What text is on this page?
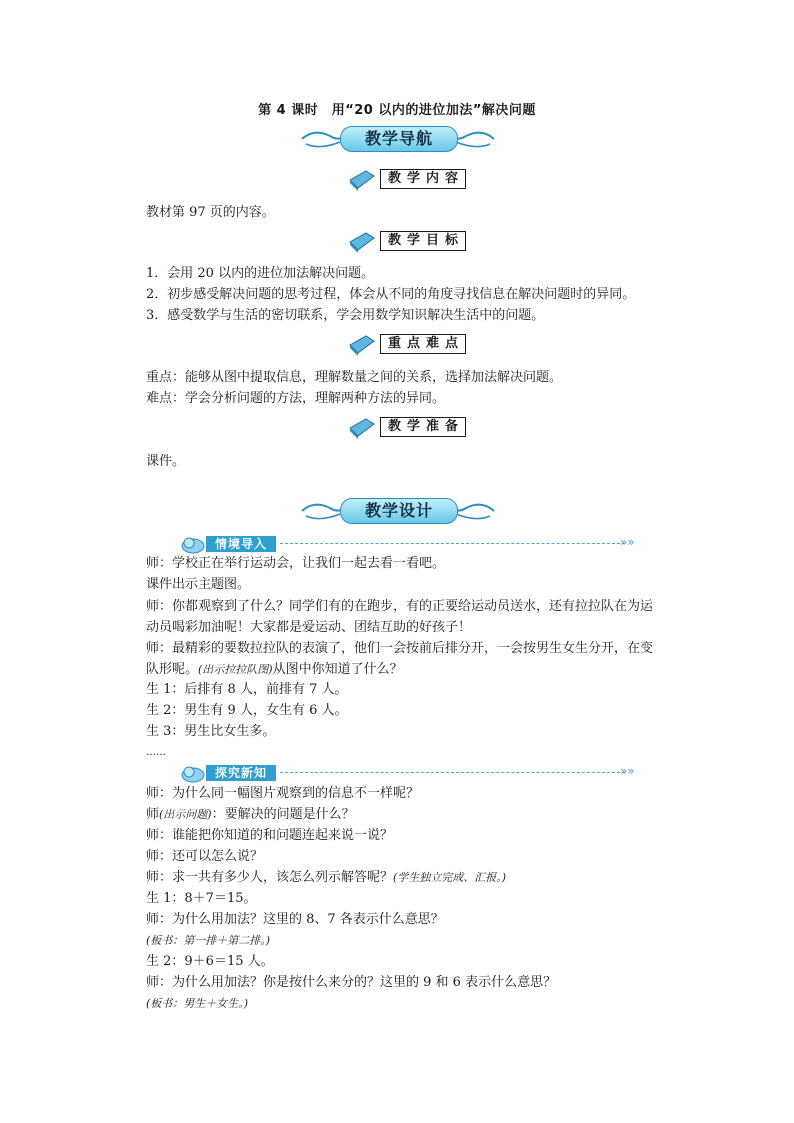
第 4 课时　用“20 以内的进位加法”解决问题
教学导航
教学内容
教材第 97 页的内容。
教学目标
1．会用 20 以内的进位加法解决问题。
2．初步感受解决问题的思考过程，体会从不同的角度寻找信息在解决问题时的异同。
3．感受数学与生活的密切联系，学会用数学知识解决生活中的问题。
重点难点
重点：能够从图中提取信息，理解数量之间的关系，选择加法解决问题。
难点：学会分析问题的方法，理解两种方法的异同。
教学准备
课件。
教学设计
情境导入	»»
师：学校正在举行运动会，让我们一起去看一看吧。
课件出示主题图。
师：你都观察到了什么？同学们有的在跑步，有的正要给运动员送水，还有拉拉队在为运动员喝彩加油呢！大家都是爱运动、团结互助的好孩子！
师：最精彩的要数拉拉队的表演了，他们一会按前后排分开，一会按男生女生分开，在变队形呢。(出示拉拉队图)从图中你知道了什么？
生 1：后排有 8 人，前排有 7 人。
生 2：男生有 9 人，女生有 6 人。
生 3：男生比女生多。
……
探究新知	»»
师：为什么同一幅图片观察到的信息不一样呢？
师(出示问题)：要解决的问题是什么？
师：谁能把你知道的和问题连起来说一说？
师：还可以怎么说？
师：求一共有多少人，该怎么列示解答呢？(学生独立完成、汇报。)
生 1：8＋7＝15。
师：为什么用加法？这里的 8、7 各表示什么意思？
(板书：第一排＋第二排。)
生 2：9＋6＝15 人。
师：为什么用加法？你是按什么来分的？这里的 9 和 6 表示什么意思？
(板书：男生＋女生。)
